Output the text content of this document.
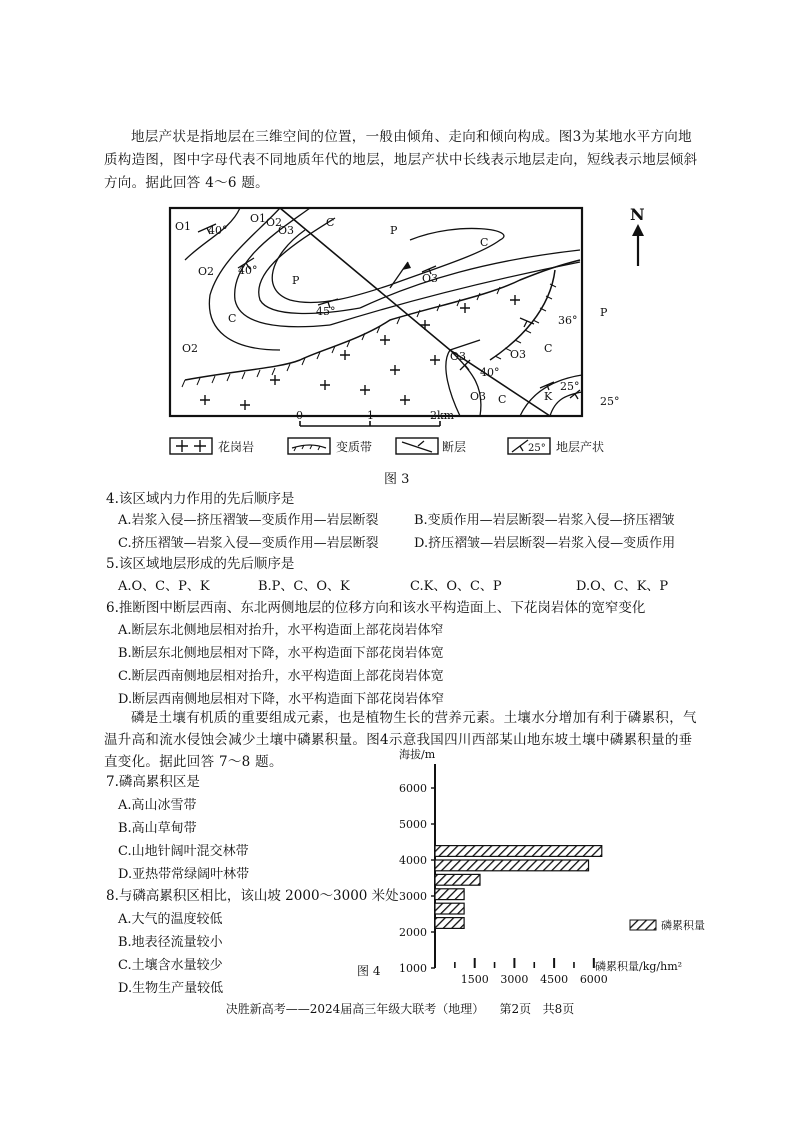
地层产状是指地层在三维空间的位置，一般由倾角、走向和倾向构成。图3为某地水平方向地质构造图，图中字母代表不同地质年代的地层，地层产状中长线表示地层走向，短线表示地层倾斜方向。据此回答 4～6 题。
O1
O2
O1 O2
O3
C
P
O2
P
C
C
O3
O3
P
C
O3
O3
C	K
40°
40°
45°
36°
40°
25°
25°
N
0	1	2km
花岗岩	变质带	断层	25° 地层产状
图 3
4.该区域内力作用的先后顺序是
A.岩浆入侵—挤压褶皱—变质作用—岩层断裂	B.变质作用—岩层断裂—岩浆入侵—挤压褶皱
C.挤压褶皱—岩浆入侵—变质作用—岩层断裂	D.挤压褶皱—岩层断裂—岩浆入侵—变质作用
5.该区域地层形成的先后顺序是
A.O、C、P、K	B.P、C、O、K	C.K、O、C、P	D.O、C、K、P
6.推断图中断层西南、东北两侧地层的位移方向和该水平构造面上、下花岗岩体的宽窄变化
A.断层东北侧地层相对抬升，水平构造面上部花岗岩体窄
B.断层东北侧地层相对下降，水平构造面下部花岗岩体宽
C.断层西南侧地层相对抬升，水平构造面上部花岗岩体宽
D.断层西南侧地层相对下降，水平构造面下部花岗岩体窄
磷是土壤有机质的重要组成元素，也是植物生长的营养元素。土壤水分增加有利于磷累积，气温升高和流水侵蚀会减少土壤中磷累积量。图4示意我国四川西部某山地东坡土壤中磷累积量的垂直变化。据此回答 7～8 题。
7.磷高累积区是
A.高山冰雪带
B.高山草甸带
C.山地针阔叶混交林带
D.亚热带常绿阔叶林带
8.与磷高累积区相比，该山坡 2000～3000 米处
A.大气的温度较低
B.地表径流量较小
C.土壤含水量较少
D.生物生产量较低
图 4
海拔/m
1000
2000
3000
4000
5000
6000
1500 3000 4500 6000
磷累积量/kg/hm²
磷累积量
决胜新高考——2024届高三年级大联考（地理）    第2页   共8页
